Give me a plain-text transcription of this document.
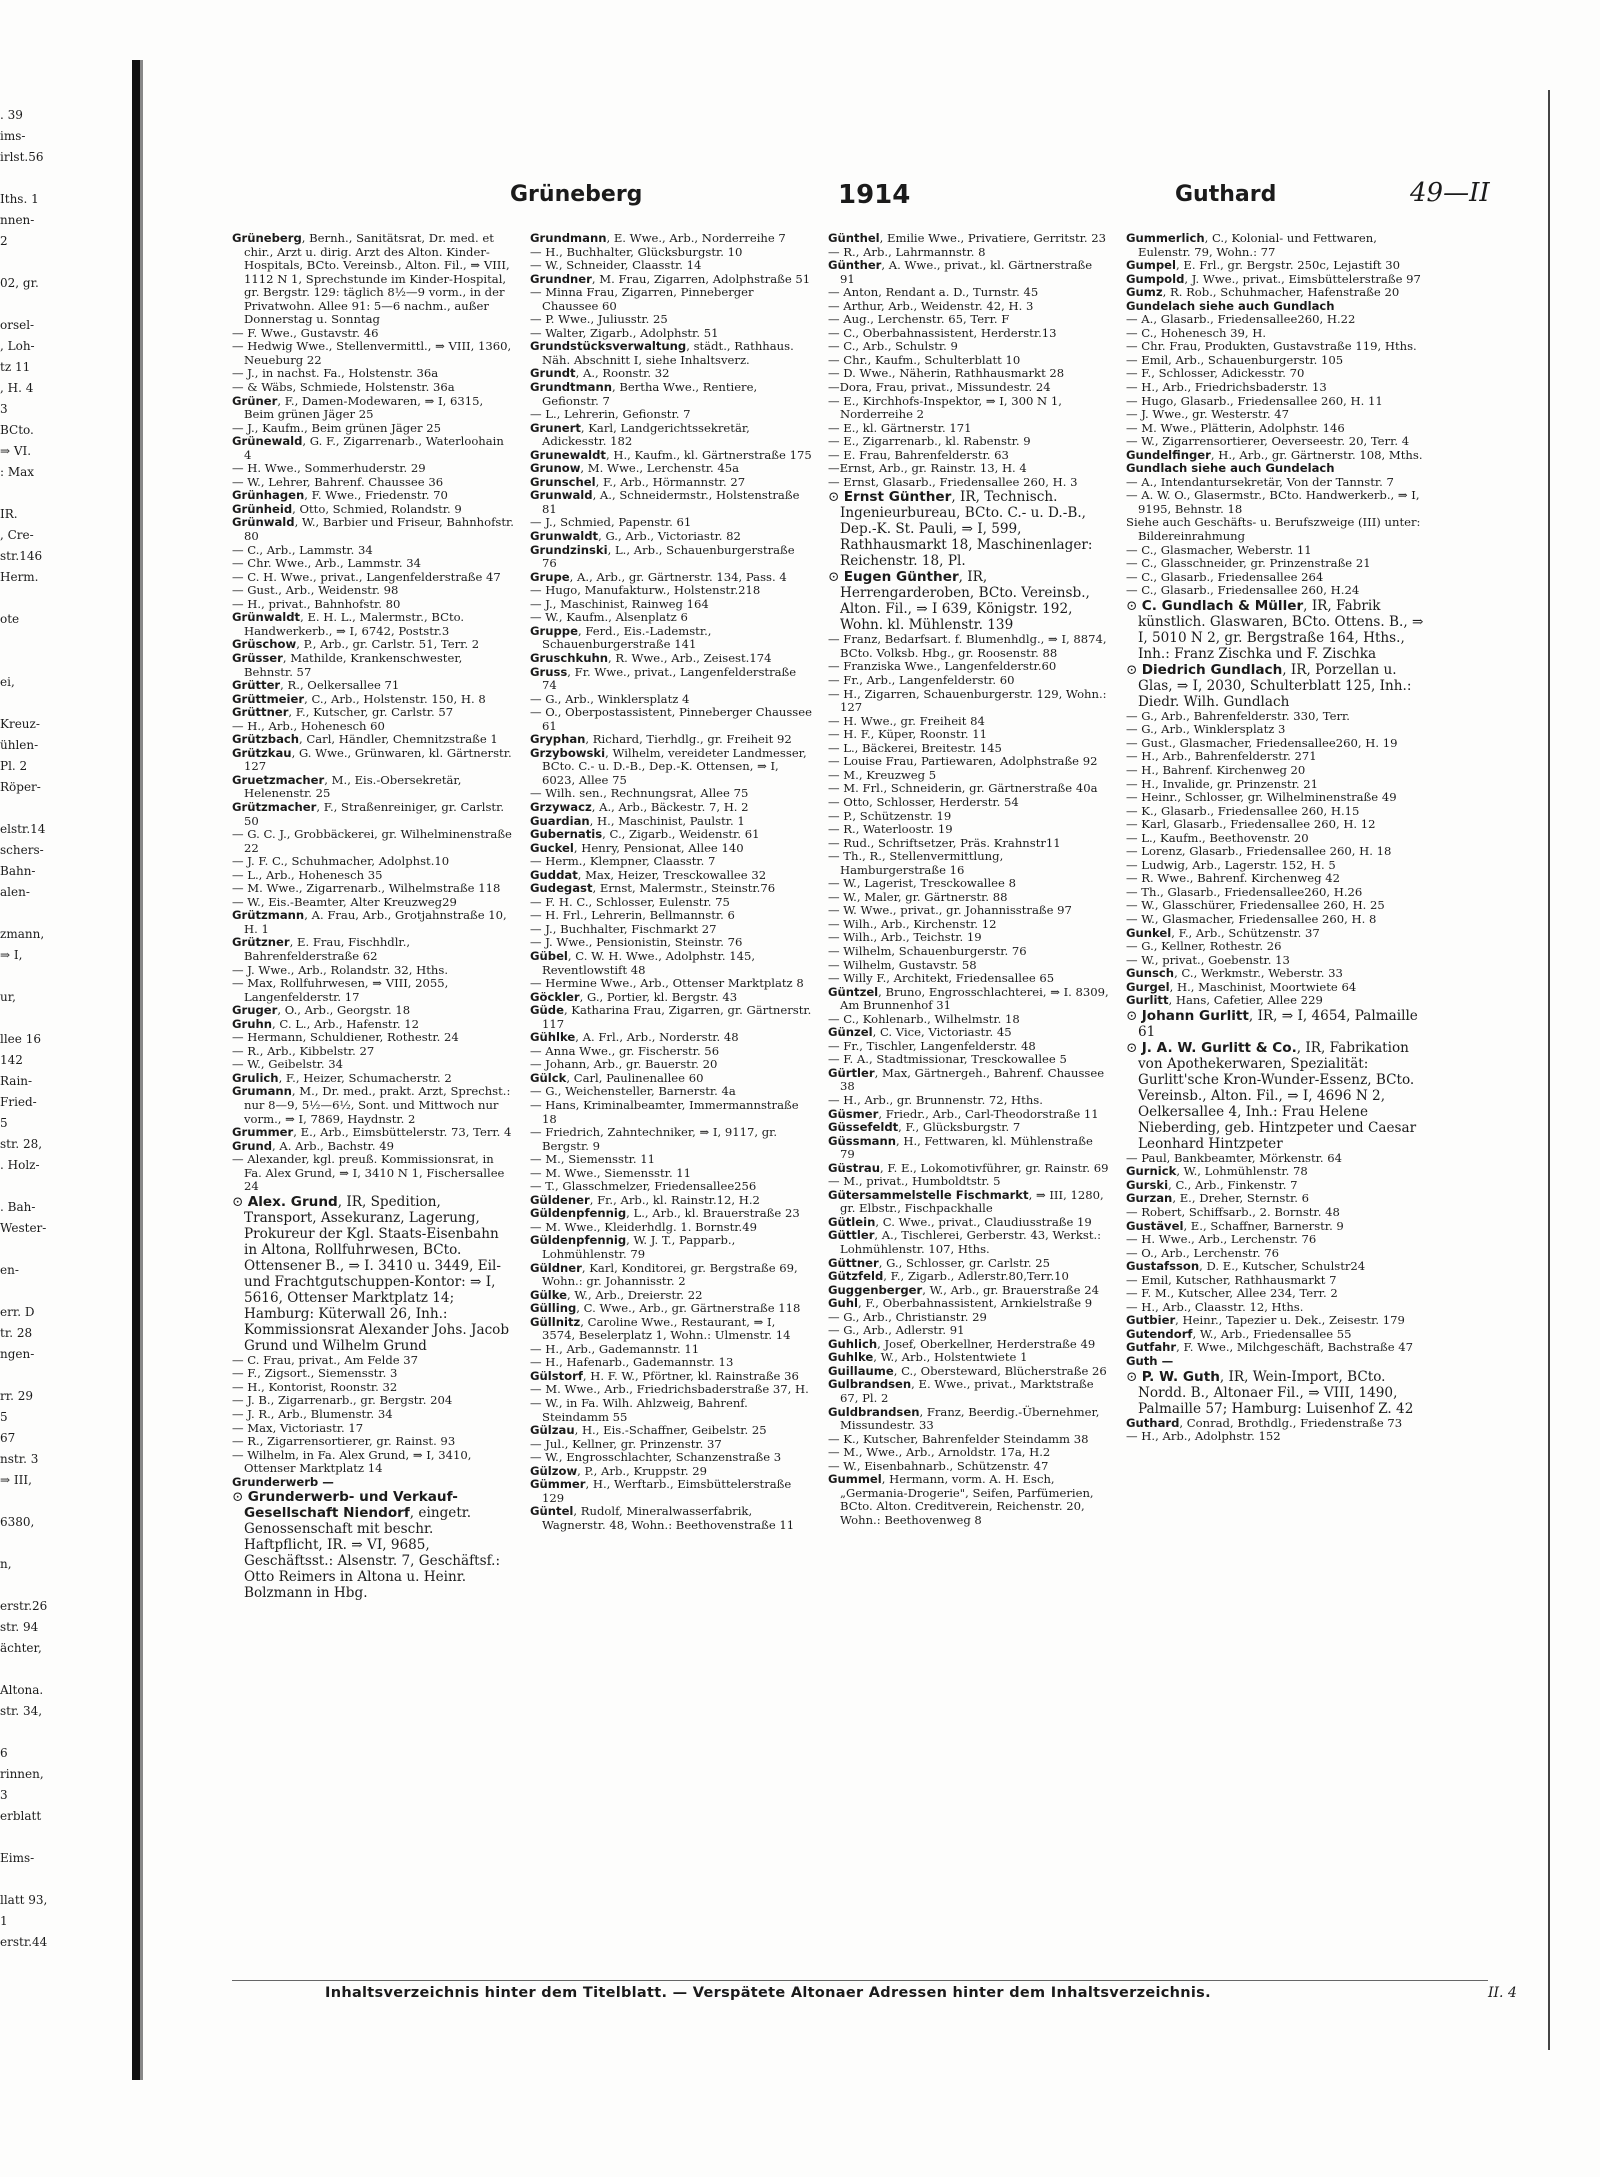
. 39
ims-
irlst.56
Iths. 1
nnen-
2
02, gr.
orsel-
, Loh-
tz 11
, H. 4
3
BCto.
⇒ VI.
: Max
IR.
, Cre-
str.146
Herm.
ote
ei,
Kreuz-
ühlen-
Pl. 2
Röper-
elstr.14
schers-
Bahn-
alen-
zmann,
⇒ I,
ur,
llee 16
142
Rain-
Fried-
5
str. 28,
. Holz-
. Bah-
Wester-
en-
err. D
tr. 28
ngen-
rr. 29
5
67
nstr. 3
⇒ III,
6380,
n,
erstr.26
str. 94
ächter,
Altona.
str. 34,
6
rinnen,
3
erblatt
Eims-
llatt 93,
1
erstr.44
Grüneberg	1914	Guthard	49—II

Grüneberg, Bernh., Sanitätsrat, Dr. med. et chir., Arzt u. dirig. Arzt des Alton. Kinder-Hospitals, BCto. Vereinsb., Alton. Fil., ⇒ VIII, 1112 N 1, Sprechstunde im Kinder-Hospital, gr. Bergstr. 129: täglich 8½—9 vorm., in der Privatwohn. Allee 91: 5—6 nachm., außer Donnerstag u. Sonntag

— F. Wwe., Gustavstr. 46

— Hedwig Wwe., Stellenvermittl., ⇒ VIII, 1360, Neueburg 22

— J., in nachst. Fa., Holstenstr. 36a

— & Wäbs, Schmiede, Holstenstr. 36a

Grüner, F., Damen-Modewaren, ⇒ I, 6315, Beim grünen Jäger 25

— J., Kaufm., Beim grünen Jäger 25

Grünewald, G. F., Zigarrenarb., Waterloohain 4

— H. Wwe., Sommerhuderstr. 29

— W., Lehrer, Bahrenf. Chaussee 36

Grünhagen, F. Wwe., Friedenstr. 70

Grünheid, Otto, Schmied, Rolandstr. 9

Grünwald, W., Barbier und Friseur, Bahnhofstr. 80

— C., Arb., Lammstr. 34

— Chr. Wwe., Arb., Lammstr. 34

— C. H. Wwe., privat., Langenfelderstraße 47

— Gust., Arb., Weidenstr. 98

— H., privat., Bahnhofstr. 80

Grünwaldt, E. H. L., Malermstr., BCto. Handwerkerb., ⇒ I, 6742, Poststr.3

Grüschow, P., Arb., gr. Carlstr. 51, Terr. 2

Grüsser, Mathilde, Krankenschwester, Behnstr. 57

Grütter, R., Oelkersallee 71

Grüttmeier, C., Arb., Holstenstr. 150, H. 8

Grüttner, F., Kutscher, gr. Carlstr. 57

— H., Arb., Hohenesch 60

Grützbach, Carl, Händler, Chemnitzstraße 1

Grützkau, G. Wwe., Grünwaren, kl. Gärtnerstr. 127

Gruetzmacher, M., Eis.-Obersekretär, Helenenstr. 25

Grützmacher, F., Straßenreiniger, gr. Carlstr. 50

— G. C. J., Grobbäckerei, gr. Wilhelminenstraße 22

— J. F. C., Schuhmacher, Adolphst.10

— L., Arb., Hohenesch 35

— M. Wwe., Zigarrenarb., Wilhelmstraße 118

— W., Eis.-Beamter, Alter Kreuzweg29

Grützmann, A. Frau, Arb., Grotjahnstraße 10, H. 1

Grützner, E. Frau, Fischhdlr., Bahrenfelderstraße 62

— J. Wwe., Arb., Rolandstr. 32, Hths.

— Max, Rollfuhrwesen, ⇒ VIII, 2055, Langenfelderstr. 17

Gruger, O., Arb., Georgstr. 18

Gruhn, C. L., Arb., Hafenstr. 12

— Hermann, Schuldiener, Rothestr. 24

— R., Arb., Kibbelstr. 27

— W., Geibelstr. 34

Grulich, F., Heizer, Schumacherstr. 2

Grumann, M., Dr. med., prakt. Arzt, Sprechst.: nur 8—9, 5½—6½, Sont. und Mittwoch nur vorm., ⇒ I, 7869, Haydnstr. 2

Grummer, E., Arb., Eimsbüttelerstr. 73, Terr. 4

Grund, A. Arb., Bachstr. 49

— Alexander, kgl. preuß. Kommissionsrat, in Fa. Alex Grund, ⇒ I, 3410 N 1, Fischersallee 24

⊙ Alex. Grund, IR, Spedition, Transport, Assekuranz, Lagerung, Prokureur der Kgl. Staats-Eisenbahn in Altona, Rollfuhrwesen, BCto. Ottensener B., ⇒ I. 3410 u. 3449, Eil- und Frachtgutschuppen-Kontor: ⇒ I, 5616, Ottenser Marktplatz 14; Hamburg: Küterwall 26, Inh.: Kommissionsrat Alexander Johs. Jacob Grund und Wilhelm Grund

— C. Frau, privat., Am Felde 37

— F., Zigsort., Siemensstr. 3

— H., Kontorist, Roonstr. 32

— J. B., Zigarrenarb., gr. Bergstr. 204

— J. R., Arb., Blumenstr. 34

— Max, Victoriastr. 17

— R., Zigarrensortierer, gr. Rainst. 93

— Wilhelm, in Fa. Alex Grund, ⇒ I, 3410, Ottenser Marktplatz 14

Grunderwerb —

⊙ Grunderwerb- und Verkauf-Gesellschaft Niendorf, eingetr. Genossenschaft mit beschr. Haftpflicht, IR. ⇒ VI, 9685, Geschäftsst.: Alsenstr. 7, Geschäftsf.: Otto Reimers in Altona u. Heinr. Bolzmann in Hbg.

Grundmann, E. Wwe., Arb., Norderreihe 7

— H., Buchhalter, Glücksburgstr. 10

— W., Schneider, Claasstr. 14

Grundner, M. Frau, Zigarren, Adolphstraße 51

— Minna Frau, Zigarren, Pinneberger Chaussee 60

— P. Wwe., Juliusstr. 25

— Walter, Zigarb., Adolphstr. 51

Grundstücksverwaltung, städt., Rathhaus. Näh. Abschnitt I, siehe Inhaltsverz.

Grundt, A., Roonstr. 32

Grundtmann, Bertha Wwe., Rentiere, Gefionstr. 7

— L., Lehrerin, Gefionstr. 7

Grunert, Karl, Landgerichtssekretär, Adickesstr. 182

Grunewaldt, H., Kaufm., kl. Gärtnerstraße 175

Grunow, M. Wwe., Lerchenstr. 45a

Grunschel, F., Arb., Hörmannstr. 27

Grunwald, A., Schneidermstr., Holstenstraße 81

— J., Schmied, Papenstr. 61

Grunwaldt, G., Arb., Victoriastr. 82

Grundzinski, L., Arb., Schauenburgerstraße 76

Grupe, A., Arb., gr. Gärtnerstr. 134, Pass. 4

— Hugo, Manufakturw., Holstenstr.218

— J., Maschinist, Rainweg 164

— W., Kaufm., Alsenplatz 6

Gruppe, Ferd., Eis.-Lademstr., Schauenburgerstraße 141

Gruschkuhn, R. Wwe., Arb., Zeisest.174

Gruss, Fr. Wwe., privat., Langenfelderstraße 74

— G., Arb., Winklersplatz 4

— O., Oberpostassistent, Pinneberger Chaussee 61

Gryphan, Richard, Tierhdlg., gr. Freiheit 92

Grzybowski, Wilhelm, vereideter Landmesser, BCto. C.- u. D.-B., Dep.-K. Ottensen, ⇒ I, 6023, Allee 75

— Wilh. sen., Rechnungsrat, Allee 75

Grzywacz, A., Arb., Bäckestr. 7, H. 2

Guardian, H., Maschinist, Paulstr. 1

Gubernatis, C., Zigarb., Weidenstr. 61

Guckel, Henry, Pensionat, Allee 140

— Herm., Klempner, Claasstr. 7

Guddat, Max, Heizer, Tresckowallee 32

Gudegast, Ernst, Malermstr., Steinstr.76

— F. H. C., Schlosser, Eulenstr. 75

— H. Frl., Lehrerin, Bellmannstr. 6

— J., Buchhalter, Fischmarkt 27

— J. Wwe., Pensionistin, Steinstr. 76

Gübel, C. W. H. Wwe., Adolphstr. 145, Reventlowstift 48

— Hermine Wwe., Arb., Ottenser Marktplatz 8

Göckler, G., Portier, kl. Bergstr. 43

Güde, Katharina Frau, Zigarren, gr. Gärtnerstr. 117

Gühlke, A. Frl., Arb., Norderstr. 48

— Anna Wwe., gr. Fischerstr. 56

— Johann, Arb., gr. Bauerstr. 20

Gülck, Carl, Paulinenallee 60

— G., Weichensteller, Barnerstr. 4a

— Hans, Kriminalbeamter, Immermannstraße 18

— Friedrich, Zahntechniker, ⇒ I, 9117, gr. Bergstr. 9

— M., Siemensstr. 11

— M. Wwe., Siemensstr. 11

— T., Glasschmelzer, Friedensallee256

Güldener, Fr., Arb., kl. Rainstr.12, H.2

Güldenpfennig, L., Arb., kl. Brauerstraße 23

— M. Wwe., Kleiderhdlg. 1. Bornstr.49

Güldenpfennig, W. J. T., Papparb., Lohmühlenstr. 79

Güldner, Karl, Konditorei, gr. Bergstraße 69, Wohn.: gr. Johannisstr. 2

Gülke, W., Arb., Dreierstr. 22

Gülling, C. Wwe., Arb., gr. Gärtnerstraße 118

Güllnitz, Caroline Wwe., Restaurant, ⇒ I, 3574, Beselerplatz 1, Wohn.: Ulmenstr. 14

— H., Arb., Gademannstr. 11

— H., Hafenarb., Gademannstr. 13

Gülstorf, H. F. W., Pförtner, kl. Rainstraße 36

— M. Wwe., Arb., Friedrichsbaderstraße 37, H.

— W., in Fa. Wilh. Ahlzweig, Bahrenf. Steindamm 55

Gülzau, H., Eis.-Schaffner, Geibelstr. 25

— Jul., Kellner, gr. Prinzenstr. 37

— W., Engrosschlachter, Schanzenstraße 3

Gülzow, P., Arb., Kruppstr. 29

Gümmer, H., Werftarb., Eimsbüttelerstraße 129

Güntel, Rudolf, Mineralwasserfabrik, Wagnerstr. 48, Wohn.: Beethovenstraße 11

Günthel, Emilie Wwe., Privatiere, Gerritstr. 23

— R., Arb., Lahrmannstr. 8

Günther, A. Wwe., privat., kl. Gärtnerstraße 91

— Anton, Rendant a. D., Turnstr. 45

— Arthur, Arb., Weidenstr. 42, H. 3

— Aug., Lerchenstr. 65, Terr. F

— C., Oberbahnassistent, Herderstr.13

— C., Arb., Schulstr. 9

— Chr., Kaufm., Schulterblatt 10

— D. Wwe., Näherin, Rathhausmarkt 28

—Dora, Frau, privat., Missundestr. 24

— E., Kirchhofs-Inspektor, ⇒ I, 300 N 1, Norderreihe 2

— E., kl. Gärtnerstr. 171

— E., Zigarrenarb., kl. Rabenstr. 9

— E. Frau, Bahrenfelderstr. 63

—Ernst, Arb., gr. Rainstr. 13, H. 4

— Ernst, Glasarb., Friedensallee 260, H. 3

⊙ Ernst Günther, IR, Technisch. Ingenieurbureau, BCto. C.- u. D.-B., Dep.-K. St. Pauli, ⇒ I, 599, Rathhausmarkt 18, Maschinenlager: Reichenstr. 18, Pl.

⊙ Eugen Günther, IR, Herrengarderoben, BCto. Vereinsb., Alton. Fil., ⇒ I 639, Königstr. 192, Wohn. kl. Mühlenstr. 139

— Franz, Bedarfsart. f. Blumenhdlg., ⇒ I, 8874, BCto. Volksb. Hbg., gr. Roosenstr. 88

— Franziska Wwe., Langenfelderstr.60

— Fr., Arb., Langenfelderstr. 60

— H., Zigarren, Schauenburgerstr. 129, Wohn.: 127

— H. Wwe., gr. Freiheit 84

— H. F., Küper, Roonstr. 11

— L., Bäckerei, Breitestr. 145

— Louise Frau, Partiewaren, Adolphstraße 92

— M., Kreuzweg 5

— M. Frl., Schneiderin, gr. Gärtnerstraße 40a

— Otto, Schlosser, Herderstr. 54

— P., Schützenstr. 19

— R., Waterloostr. 19

— Rud., Schriftsetzer, Präs. Krahnstr11

— Th., R., Stellenvermittlung, Hamburgerstraße 16

— W., Lagerist, Tresckowallee 8

— W., Maler, gr. Gärtnerstr. 88

— W. Wwe., privat., gr. Johannisstraße 97

— Wilh., Arb., Kirchenstr. 12

— Wilh., Arb., Teichstr. 19

— Wilhelm, Schauenburgerstr. 76

— Wilhelm, Gustavstr. 58

— Willy F., Architekt, Friedensallee 65

Güntzel, Bruno, Engrosschlachterei, ⇒ I. 8309, Am Brunnenhof 31

— C., Kohlenarb., Wilhelmstr. 18

Günzel, C. Vice, Victoriastr. 45

— Fr., Tischler, Langenfelderstr. 48

— F. A., Stadtmissionar, Tresckowallee 5

Gürtler, Max, Gärtnergeh., Bahrenf. Chaussee 38

— H., Arb., gr. Brunnenstr. 72, Hths.

Güsmer, Friedr., Arb., Carl-Theodorstraße 11

Güssefeldt, F., Glücksburgstr. 7

Güssmann, H., Fettwaren, kl. Mühlenstraße 79

Güstrau, F. E., Lokomotivführer, gr. Rainstr. 69

— M., privat., Humboldtstr. 5

Gütersammelstelle Fischmarkt, ⇒ III, 1280, gr. Elbstr., Fischpackhalle

Gütlein, C. Wwe., privat., Claudiusstraße 19

Güttler, A., Tischlerei, Gerberstr. 43, Werkst.: Lohmühlenstr. 107, Hths.

Güttner, G., Schlosser, gr. Carlstr. 25

Gützfeld, F., Zigarb., Adlerstr.80,Terr.10

Guggenberger, W., Arb., gr. Brauerstraße 24

Guhl, F., Oberbahnassistent, Arnkielstraße 9

— G., Arb., Christianstr. 29

— G., Arb., Adlerstr. 91

Guhlich, Josef, Oberkellner, Herderstraße 49

Guhlke, W., Arb., Holstentwiete 1

Guillaume, C., Obersteward, Blücherstraße 26

Gulbrandsen, E. Wwe., privat., Marktstraße 67, Pl. 2

Guldbrandsen, Franz, Beerdig.-Übernehmer, Missundestr. 33

— K., Kutscher, Bahrenfelder Steindamm 38

— M., Wwe., Arb., Arnoldstr. 17a, H.2

— W., Eisenbahnarb., Schützenstr. 47

Gummel, Hermann, vorm. A. H. Esch, „Germania-Drogerie", Seifen, Parfümerien, BCto. Alton. Creditverein, Reichenstr. 20, Wohn.: Beethovenweg 8

Gummerlich, C., Kolonial- und Fettwaren, Eulenstr. 79, Wohn.: 77

Gumpel, E. Frl., gr. Bergstr. 250c, Lejastift 30

Gumpold, J. Wwe., privat., Eimsbüttelerstraße 97

Gumz, R. Rob., Schuhmacher, Hafenstraße 20

Gundelach siehe auch Gundlach

— A., Glasarb., Friedensallee260, H.22

— C., Hohenesch 39, H.

— Chr. Frau, Produkten, Gustavstraße 119, Hths.

— Emil, Arb., Schauenburgerstr. 105

— F., Schlosser, Adickesstr. 70

— H., Arb., Friedrichsbaderstr. 13

— Hugo, Glasarb., Friedensallee 260, H. 11

— J. Wwe., gr. Westerstr. 47

— M. Wwe., Plätterin, Adolphstr. 146

— W., Zigarrensortierer, Oeverseestr. 20, Terr. 4

Gundelfinger, H., Arb., gr. Gärtnerstr. 108, Mths.

Gundlach siehe auch Gundelach

— A., Intendantursekretär, Von der Tannstr. 7

— A. W. O., Glasermstr., BCto. Handwerkerb., ⇒ I, 9195, Behnstr. 18

Siehe auch Geschäfts- u. Berufszweige (III) unter: Bildereinrahmung

— C., Glasmacher, Weberstr. 11

— C., Glasschneider, gr. Prinzenstraße 21

— C., Glasarb., Friedensallee 264

— C., Glasarb., Friedensallee 260, H.24

⊙ C. Gundlach & Müller, IR, Fabrik künstlich. Glaswaren, BCto. Ottens. B., ⇒ I, 5010 N 2, gr. Bergstraße 164, Hths., Inh.: Franz Zischka und F. Zischka

⊙ Diedrich Gundlach, IR, Porzellan u. Glas, ⇒ I, 2030, Schulterblatt 125, Inh.: Diedr. Wilh. Gundlach

— G., Arb., Bahrenfelderstr. 330, Terr.

— G., Arb., Winklersplatz 3

— Gust., Glasmacher, Friedensallee260, H. 19

— H., Arb., Bahrenfelderstr. 271

— H., Bahrenf. Kirchenweg 20

— H., Invalide, gr. Prinzenstr. 21

— Heinr., Schlosser, gr. Wilhelminenstraße 49

— K., Glasarb., Friedensallee 260, H.15

— Karl, Glasarb., Friedensallee 260, H. 12

— L., Kaufm., Beethovenstr. 20

— Lorenz, Glasarb., Friedensallee 260, H. 18

— Ludwig, Arb., Lagerstr. 152, H. 5

— R. Wwe., Bahrenf. Kirchenweg 42

— Th., Glasarb., Friedensallee260, H.26

— W., Glasschürer, Friedensallee 260, H. 25

— W., Glasmacher, Friedensallee 260, H. 8

Gunkel, F., Arb., Schützenstr. 37

— G., Kellner, Rothestr. 26

— W., privat., Goebenstr. 13

Gunsch, C., Werkmstr., Weberstr. 33

Gurgel, H., Maschinist, Moortwiete 64

Gurlitt, Hans, Cafetier, Allee 229

⊙ Johann Gurlitt, IR, ⇒ I, 4654, Palmaille 61

⊙ J. A. W. Gurlitt & Co., IR, Fabrikation von Apothekerwaren, Spezialität: Gurlitt'sche Kron-Wunder-Essenz, BCto. Vereinsb., Alton. Fil., ⇒ I, 4696 N 2, Oelkersallee 4, Inh.: Frau Helene Nieberding, geb. Hintzpeter und Caesar Leonhard Hintzpeter

— Paul, Bankbeamter, Mörkenstr. 64

Gurnick, W., Lohmühlenstr. 78

Gurski, C., Arb., Finkenstr. 7

Gurzan, E., Dreher, Sternstr. 6

— Robert, Schiffsarb., 2. Bornstr. 48

Gustävel, E., Schaffner, Barnerstr. 9

— H. Wwe., Arb., Lerchenstr. 76

— O., Arb., Lerchenstr. 76

Gustafsson, D. E., Kutscher, Schulstr24

— Emil, Kutscher, Rathhausmarkt 7

— F. M., Kutscher, Allee 234, Terr. 2

— H., Arb., Claasstr. 12, Hths.

Gutbier, Heinr., Tapezier u. Dek., Zeisestr. 179

Gutendorf, W., Arb., Friedensallee 55

Gutfahr, F. Wwe., Milchgeschäft, Bachstraße 47

Guth —

⊙ P. W. Guth, IR, Wein-Import, BCto. Nordd. B., Altonaer Fil., ⇒ VIII, 1490, Palmaille 57; Hamburg: Luisenhof Z. 42

Guthard, Conrad, Brothdlg., Friedenstraße 73

— H., Arb., Adolphstr. 152

Inhaltsverzeichnis hinter dem Titelblatt. — Verspätete Altonaer Adressen hinter dem Inhaltsverzeichnis.	II. 4
